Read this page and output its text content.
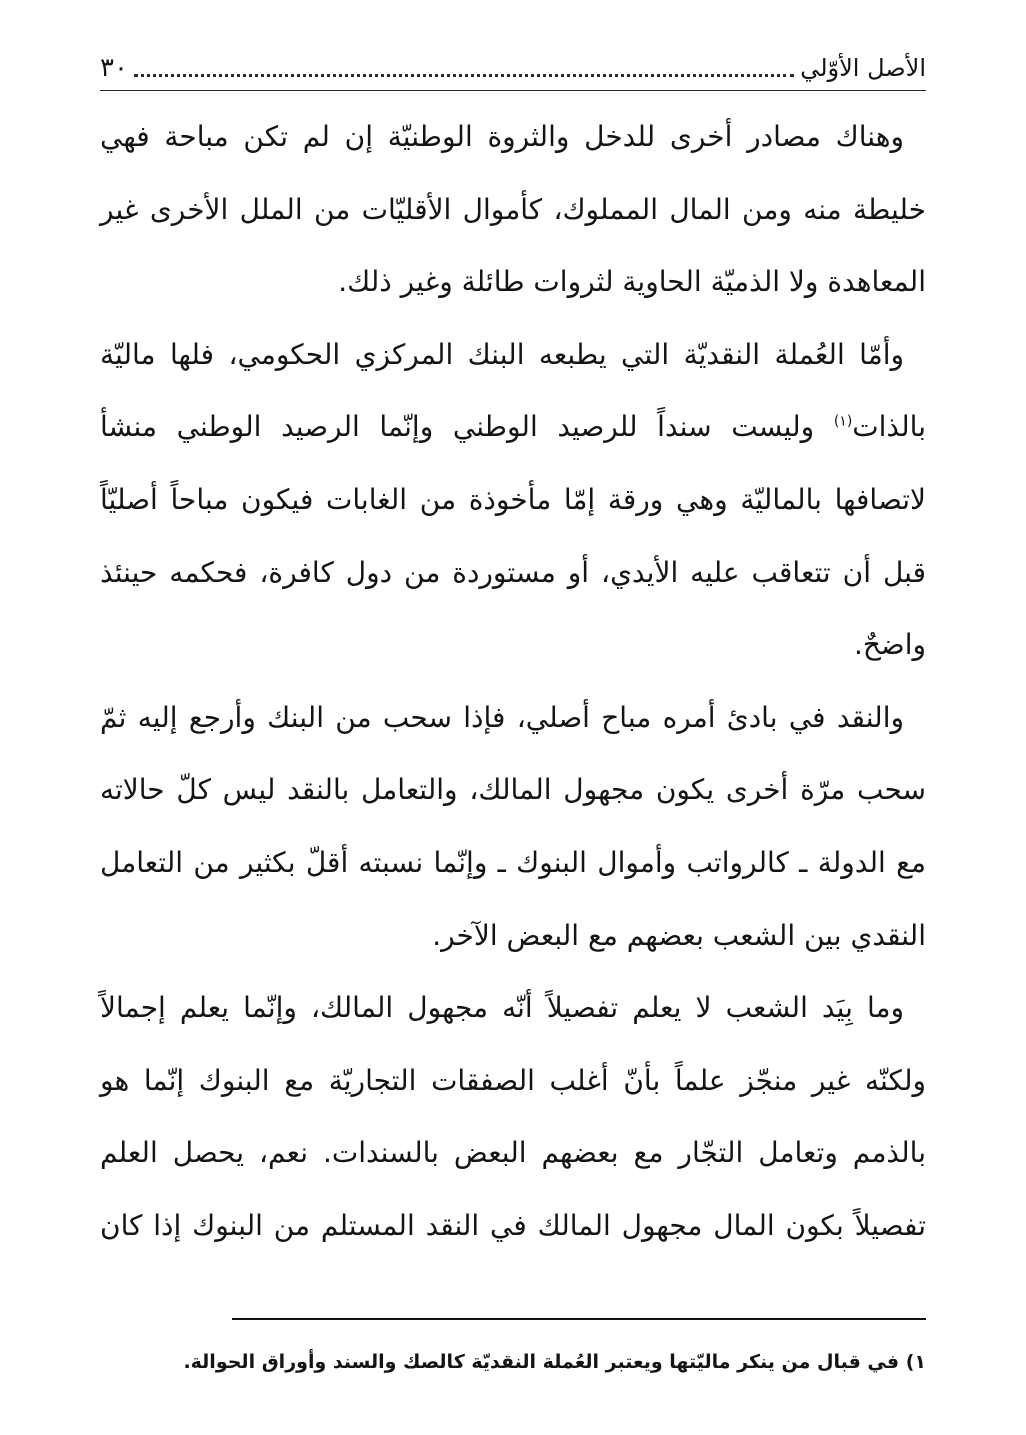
الأصل الأوّلي
٣٠
وهناك مصادر أخرى للدخل والثروة الوطنيّة إن لم تكن مباحة فهي
خليطة منه ومن المال المملوك، كأموال الأقليّات من الملل الأخرى غير
المعاهدة ولا الذميّة الحاوية لثروات طائلة وغير ذلك.
وأمّا العُملة النقديّة التي يطبعه البنك المركزي الحكومي، فلها ماليّة
بالذات$^{(١)}$ وليست سنداً للرصيد الوطني وإنّما الرصيد الوطني منشأ
لاتصافها بالماليّة وهي ورقة إمّا مأخوذة من الغابات فيكون مباحاً أصليّاً
قبل أن تتعاقب عليه الأيدي، أو مستوردة من دول كافرة، فحكمه حينئذ
واضحٌ.
والنقد في بادئ أمره مباح أصلي، فإذا سحب من البنك وأرجع إليه ثمّ
سحب مرّة أخرى يكون مجهول المالك، والتعامل بالنقد ليس كلّ حالاته
مع الدولة ـ كالرواتب وأموال البنوك ـ وإنّما نسبته أقلّ بكثير من التعامل
النقدي بين الشعب بعضهم مع البعض الآخر.
وما بِيَد الشعب لا يعلم تفصيلاً أنّه مجهول المالك، وإنّما يعلم إجمالاً
ولكنّه غير منجّز علماً بأنّ أغلب الصفقات التجاريّة مع البنوك إنّما هو
بالذمم وتعامل التجّار مع بعضهم البعض بالسندات. نعم، يحصل العلم
تفصيلاً بكون المال مجهول المالك في النقد المستلم من البنوك إذا كان
١) في قبال من ينكر ماليّتها ويعتبر العُملة النقديّة كالصك والسند وأوراق الحوالة.
